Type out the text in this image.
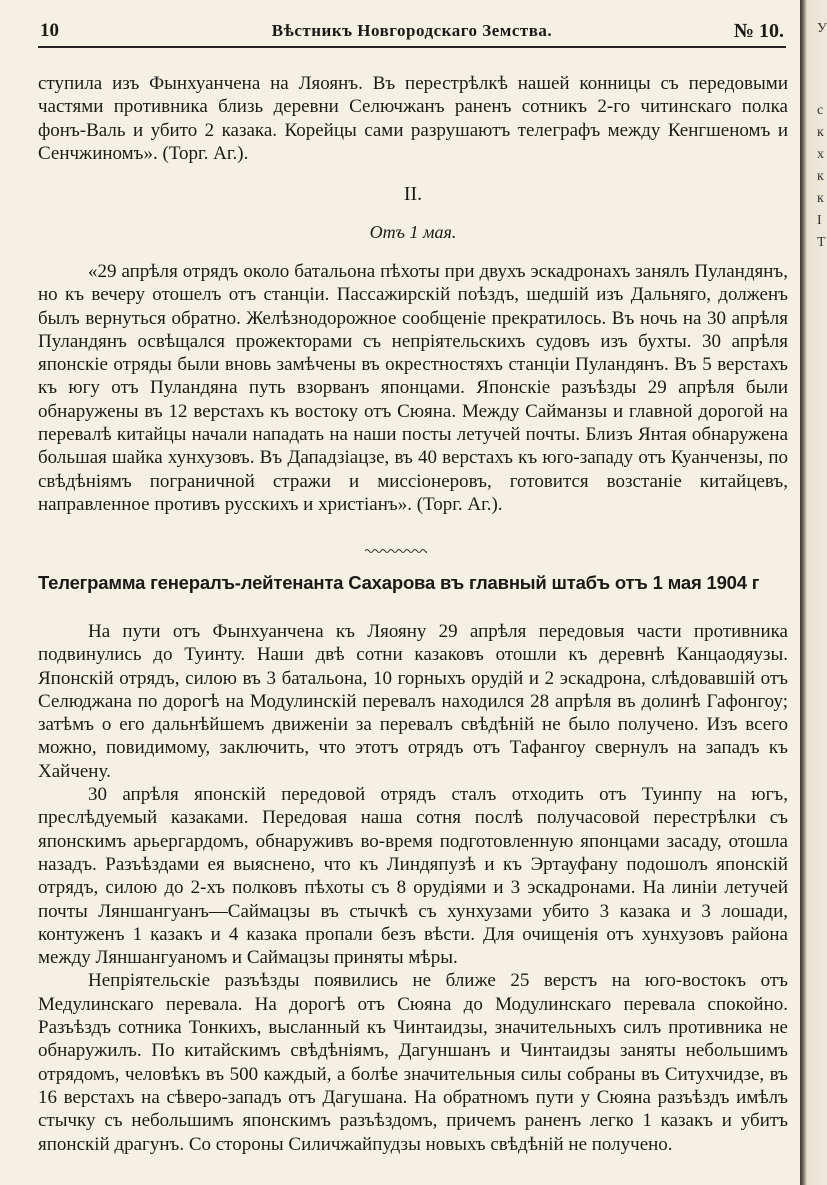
10	Вѣстникъ Новгородскаго Земства.	№ 10.

ступила изъ Фынхуанчена на Ляоянъ. Въ перестрѣлкѣ нашей конницы съ передовыми частями противника близь деревни Селючжанъ раненъ сотникъ 2-го читинскаго полка фонъ-Валь и убито 2 казака. Корейцы сами разрушаютъ телеграфъ между Кенгшеномъ и Сенчжиномъ». (Торг. Аг.).

II.
Отъ 1 мая.

«29 апрѣля отрядъ около батальона пѣхоты при двухъ эскадронахъ занялъ Пуландянъ, но къ вечеру отошелъ отъ станціи. Пассажирскій поѣздъ, шедшій изъ Дальняго, долженъ былъ вернуться обратно. Желѣзнодорожное сообщеніе прекратилось. Въ ночь на 30 апрѣля Пуландянъ освѣщался прожекторами съ непріятельскихъ судовъ изъ бухты. 30 апрѣля японскіе отряды были вновь замѣчены въ окрестностяхъ станціи Пуландянъ. Въ 5 верстахъ къ югу отъ Пуландяна путь взорванъ японцами. Японскіе разъѣзды 29 апрѣля были обнаружены въ 12 верстахъ къ востоку отъ Сюяна. Между Сайманзы и главной дорогой на перевалѣ китайцы начали нападать на наши посты летучей почты. Близъ Янтая обнаружена большая шайка хунхузовъ. Въ Дападзіацзе, въ 40 верстахъ къ юго-западу отъ Куанчензы, по свѣдѣніямъ пограничной стражи и миссіонеровъ, готовится возстаніе китайцевъ, направленное противъ русскихъ и христіанъ». (Торг. Аг.).

Телеграмма генералъ-лейтенанта Сахарова въ главный штабъ отъ 1 мая 1904 г

На пути отъ Фынхуанчена къ Ляояну 29 апрѣля передовыя части противника подвинулись до Туинту. Наши двѣ сотни казаковъ отошли къ деревнѣ Канцаодяузы. Японскій отрядъ, силою въ 3 батальона, 10 горныхъ орудій и 2 эскадрона, слѣдовавшій отъ Селюджана по дорогѣ на Модулинскій перевалъ находился 28 апрѣля въ долинѣ Гафонгоу; затѣмъ о его дальнѣйшемъ движеніи за перевалъ свѣдѣній не было получено. Изъ всего можно, повидимому, заключить, что этотъ отрядъ отъ Тафангоу свернулъ на западъ къ Хайчену.

30 апрѣля японскій передовой отрядъ сталъ отходить отъ Туинпу на югъ, преслѣдуемый казаками. Передовая наша сотня послѣ получасовой перестрѣлки съ японскимъ арьергардомъ, обнаруживъ во-время подготовленную японцами засаду, отошла назадъ. Разъѣздами ея выяснено, что къ Линдяпузѣ и къ Эртауфану подошолъ японскій отрядъ, силою до 2-хъ полковъ пѣхоты съ 8 орудіями и 3 эскадронами. На линіи летучей почты Ляншангуанъ—Саймацзы въ стычкѣ съ хунхузами убито 3 казака и 3 лошади, контуженъ 1 казакъ и 4 казака пропали безъ вѣсти. Для очищенія отъ хунхузовъ района между Ляншангуаномъ и Саймацзы приняты мѣры.

Непріятельскіе разъѣзды появились не ближе 25 верстъ на юго-востокъ отъ Медулинскаго перевала. На дорогѣ отъ Сюяна до Модулинскаго перевала спокойно. Разъѣздъ сотника Тонкихъ, высланный къ Чинтаидзы, значительныхъ силъ противника не обнаружилъ. По китайскимъ свѣдѣніямъ, Дагуншанъ и Чинтаидзы заняты небольшимъ отрядомъ, человѣкъ въ 500 каждый, а болѣе значительныя силы собраны въ Ситухчидзе, въ 16 верстахъ на сѣверо-западъ отъ Дагушана. На обратномъ пути у Сюяна разъѣздъ имѣлъ стычку съ небольшимъ японскимъ разъѣздомъ, причемъ раненъ легко 1 казакъ и убитъ японскій драгунъ. Со стороны Силичжайпудзы новыхъ свѣдѣній не получено.

У
с
к
х
к
к
I
Т
